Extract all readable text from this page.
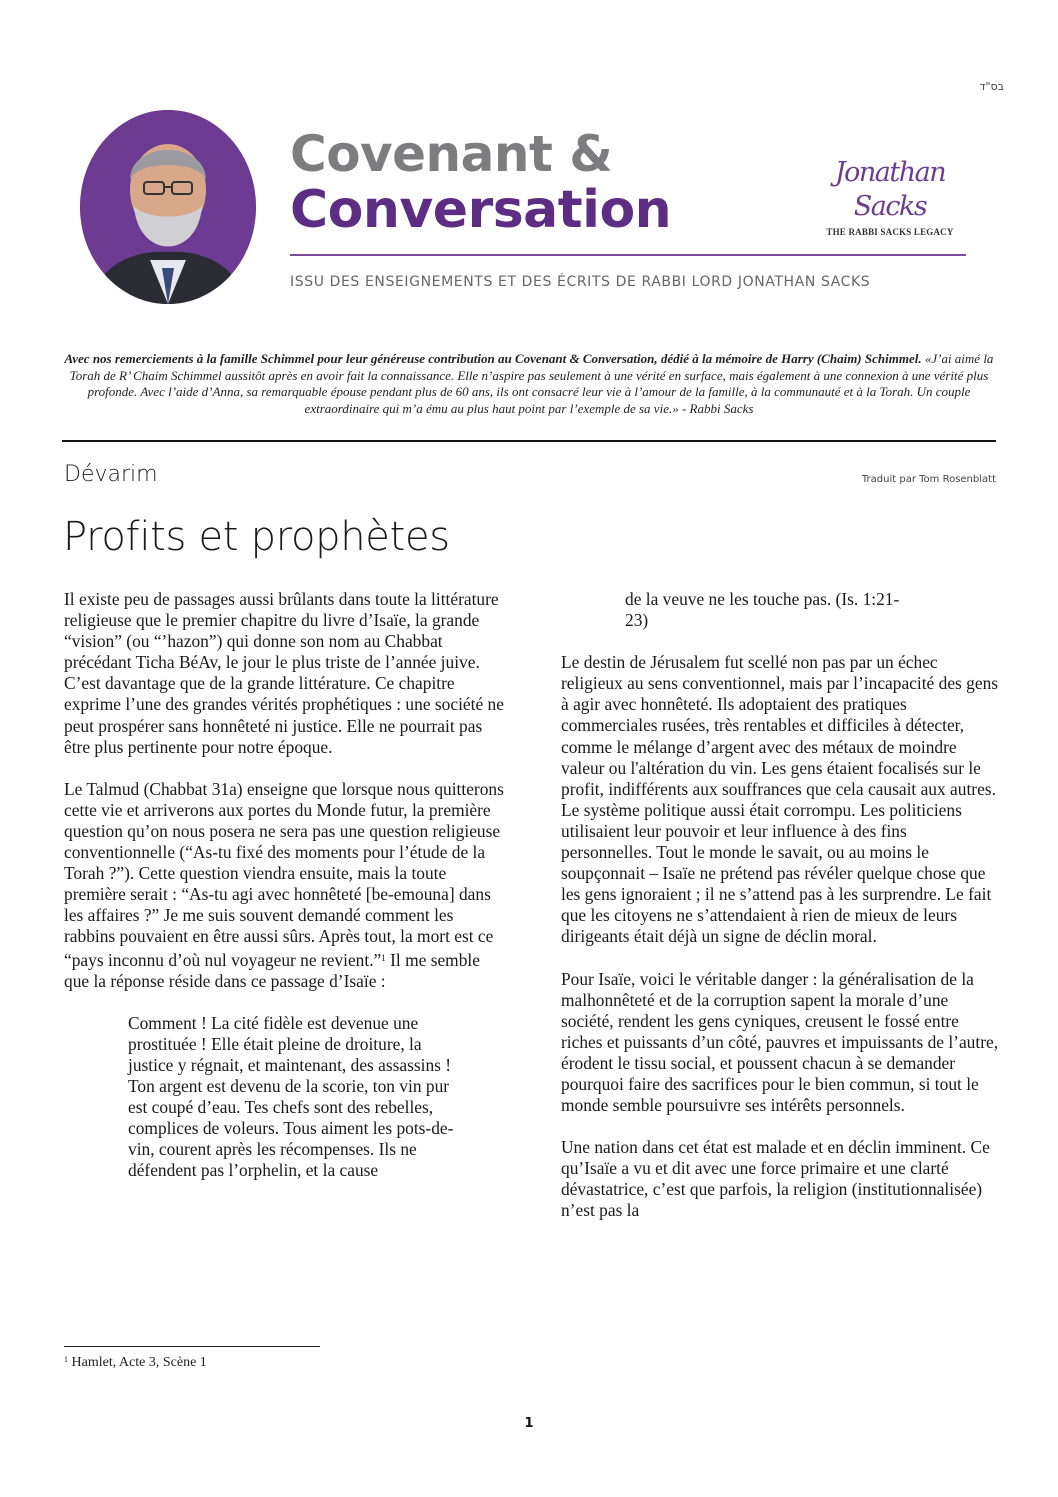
בס"ד
Covenant &
Conversation
Jonathan Sacks
THE RABBI SACKS LEGACY
ISSU DES ENSEIGNEMENTS ET DES ÉCRITS DE RABBI LORD JONATHAN SACKS
Avec nos remerciements à la famille Schimmel pour leur généreuse contribution au Covenant & Conversation, dédié à la mémoire de Harry (Chaim) Schimmel. «J’ai aimé la Torah de R’ Chaim Schimmel aussitôt après en avoir fait la connaissance. Elle n’aspire pas seulement à une vérité en surface, mais également à une connexion à une vérité plus profonde. Avec l’aide d’Anna, sa remarquable épouse pendant plus de 60 ans, ils ont consacré leur vie à l’amour de la famille, à la communauté et à la Torah. Un couple extraordinaire qui m’a ému au plus haut point par l’exemple de sa vie.» - Rabbi Sacks
Dévarim	Traduit par Tom Rosenblatt
Profits et prophètes

Il existe peu de passages aussi brûlants dans toute la littérature religieuse que le premier chapitre du livre d’Isaïe, la grande “vision” (ou “’hazon”) qui donne son nom au Chabbat précédant Ticha BéAv, le jour le plus triste de l’année juive. C’est davantage que de la grande littérature. Ce chapitre exprime l’une des grandes vérités prophétiques : une société ne peut prospérer sans honnêteté ni justice. Elle ne pourrait pas être plus pertinente pour notre époque.

Le Talmud (Chabbat 31a) enseigne que lorsque nous quitterons cette vie et arriverons aux portes du Monde futur, la première question qu’on nous posera ne sera pas une question religieuse conventionnelle (“As-tu fixé des moments pour l’étude de la Torah ?”). Cette question viendra ensuite, mais la toute première serait : “As-tu agi avec honnêteté [be-emouna] dans les affaires ?” Je me suis souvent demandé comment les rabbins pouvaient en être aussi sûrs. Après tout, la mort est ce “pays inconnu d’où nul voyageur ne revient.”$^1$ Il me semble que la réponse réside dans ce passage d’Isaïe :

Comment ! La cité fidèle est devenue une prostituée ! Elle était pleine de droiture, la justice y régnait, et maintenant, des assassins ! Ton argent est devenu de la scorie, ton vin pur est coupé d’eau. Tes chefs sont des rebelles, complices de voleurs. Tous aiment les pots-de-vin, courent après les récompenses. Ils ne défendent pas l’orphelin, et la cause

de la veuve ne les touche pas. (Is. 1:21-23)

Le destin de Jérusalem fut scellé non pas par un échec religieux au sens conventionnel, mais par l’incapacité des gens à agir avec honnêteté. Ils adoptaient des pratiques commerciales rusées, très rentables et difficiles à détecter, comme le mélange d’argent avec des métaux de moindre valeur ou l'altération du vin. Les gens étaient focalisés sur le profit, indifférents aux souffrances que cela causait aux autres. Le système politique aussi était corrompu. Les politiciens utilisaient leur pouvoir et leur influence à des fins personnelles. Tout le monde le savait, ou au moins le soupçonnait – Isaïe ne prétend pas révéler quelque chose que les gens ignoraient ; il ne s’attend pas à les surprendre. Le fait que les citoyens ne s’attendaient à rien de mieux de leurs dirigeants était déjà un signe de déclin moral.

Pour Isaïe, voici le véritable danger : la généralisation de la malhonnêteté et de la corruption sapent la morale d’une société, rendent les gens cyniques, creusent le fossé entre riches et puissants d’un côté, pauvres et impuissants de l’autre, érodent le tissu social, et poussent chacun à se demander pourquoi faire des sacrifices pour le bien commun, si tout le monde semble poursuivre ses intérêts personnels.

Une nation dans cet état est malade et en déclin imminent. Ce qu’Isaïe a vu et dit avec une force primaire et une clarté dévastatrice, c’est que parfois, la religion (institutionnalisée) n’est pas la

$^1$ Hamlet, Acte 3, Scène 1
1
